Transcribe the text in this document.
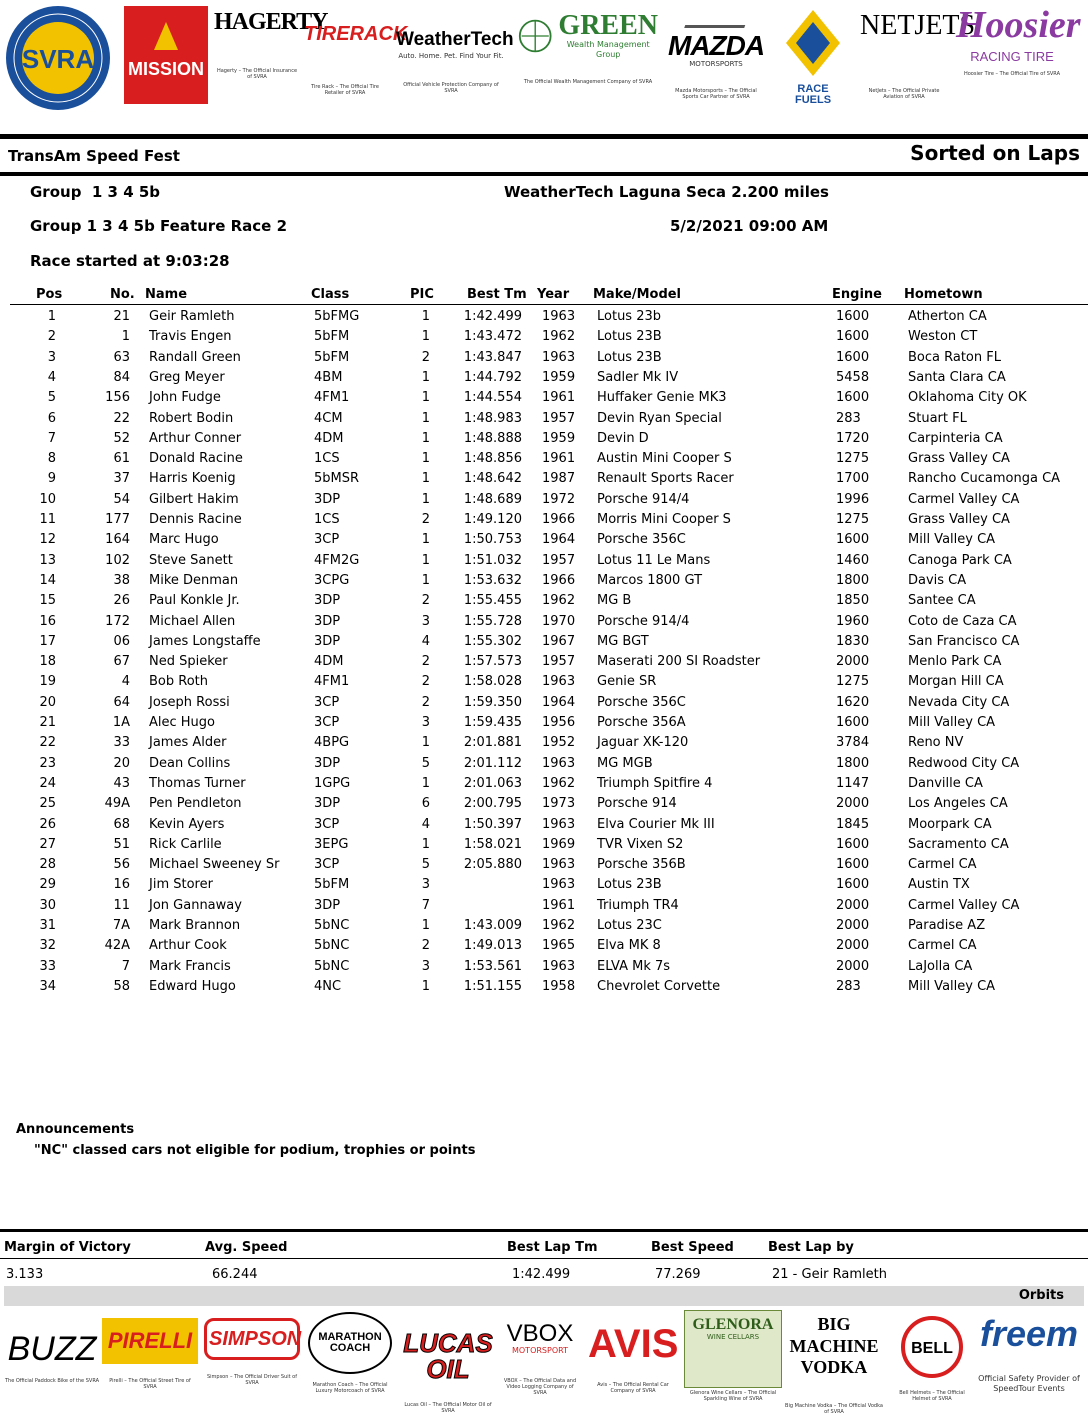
SVRA MISSION
HAGERTY
Hagerty – The Official Insurance of SVRA
TIRERACK
Tire Rack – The Official Tire Retailer of SVRA
WeatherTech
Auto. Home. Pet. Find Your Fit.
Official Vehicle Protection Company of SVRA
GREEN
Wealth Management Group
The Official Wealth Management Company of SVRA
MAZDA
MOTORSPORTS
Mazda Motorsports – The Official Sports Car Partner of SVRA
RACE FUELS
NETJETS
NetJets – The Official Private Aviation of SVRA
Hoosier
RACING TIRE
Hoosier Tire – The Official Tire of SVRA
TransAm Speed Fest	Sorted on Laps
Group  1 3 4 5b	WeatherTech Laguna Seca 2.200 miles
Group 1 3 4 5b Feature Race 2	5/2/2021 09:00 AM
Race started at 9:03:28
Pos	No. Name	Class	PIC	Best Tm Year Make/Model	Engine Hometown
1	21 Geir Ramleth	5bFMG	1	1:42.499 1963 Lotus 23b	1600	Atherton CA
2	1 Travis Engen	5bFM	1	1:43.472 1962 Lotus 23B	1600	Weston CT
3	63 Randall Green	5bFM	2	1:43.847 1963 Lotus 23B	1600	Boca Raton FL
4	84 Greg Meyer	4BM	1	1:44.792 1959 Sadler Mk IV	5458	Santa Clara CA
5	156 John Fudge	4FM1	1	1:44.554 1961 Huffaker Genie MK3	1600	Oklahoma City OK
6	22 Robert Bodin	4CM	1	1:48.983 1957 Devin Ryan Special	283	Stuart FL
7	52 Arthur Conner	4DM	1	1:48.888 1959 Devin D	1720	Carpinteria CA
8	61 Donald Racine	1CS	1	1:48.856 1961 Austin Mini Cooper S	1275	Grass Valley CA
9	37 Harris Koenig	5bMSR	1	1:48.642 1987 Renault Sports Racer	1700	Rancho Cucamonga CA
10	54 Gilbert Hakim	3DP	1	1:48.689 1972 Porsche 914/4	1996	Carmel Valley CA
11	177 Dennis Racine	1CS	2	1:49.120 1966 Morris Mini Cooper S	1275	Grass Valley CA
12	164 Marc Hugo	3CP	1	1:50.753 1964 Porsche 356C	1600	Mill Valley CA
13	102 Steve Sanett	4FM2G	1	1:51.032 1957 Lotus 11 Le Mans	1460	Canoga Park CA
14	38 Mike Denman	3CPG	1	1:53.632 1966 Marcos 1800 GT	1800	Davis CA
15	26 Paul Konkle Jr.	3DP	2	1:55.455 1962 MG B	1850	Santee CA
16	172 Michael Allen	3DP	3	1:55.728 1970 Porsche 914/4	1960	Coto de Caza CA
17	06 James Longstaffe	3DP	4	1:55.302 1967 MG BGT	1830	San Francisco CA
18	67 Ned Spieker	4DM	2	1:57.573 1957 Maserati 200 SI Roadster	2000	Menlo Park CA
19	4 Bob Roth	4FM1	2	1:58.028 1963 Genie SR	1275	Morgan Hill CA
20	64 Joseph Rossi	3CP	2	1:59.350 1964 Porsche 356C	1620	Nevada City CA
21	1A Alec Hugo	3CP	3	1:59.435 1956 Porsche 356A	1600	Mill Valley CA
22	33 James Alder	4BPG	1	2:01.881 1952 Jaguar XK-120	3784	Reno NV
23	20 Dean Collins	3DP	5	2:01.112 1963 MG MGB	1800	Redwood City CA
24	43 Thomas Turner	1GPG	1	2:01.063 1962 Triumph Spitfire 4	1147	Danville CA
25	49A Pen Pendleton	3DP	6	2:00.795 1973 Porsche 914	2000	Los Angeles CA
26	68 Kevin Ayers	3CP	4	1:50.397 1963 Elva Courier Mk III	1845	Moorpark CA
27	51 Rick Carlile	3EPG	1	1:58.021 1969 TVR Vixen S2	1600	Sacramento CA
28	56 Michael Sweeney Sr	3CP	5	2:05.880 1963 Porsche 356B	1600	Carmel CA
29	16 Jim Storer	5bFM	3	1963 Lotus 23B	1600	Austin TX
30	11 Jon Gannaway	3DP	7	1961 Triumph TR4	2000	Carmel Valley CA
31	7A Mark Brannon	5bNC	1	1:43.009 1962 Lotus 23C	2000	Paradise AZ
32	42A Arthur Cook	5bNC	2	1:49.013 1965 Elva MK 8	2000	Carmel CA
33	7 Mark Francis	5bNC	3	1:53.561 1963 ELVA Mk 7s	2000	LaJolla CA
34	58 Edward Hugo	4NC	1	1:51.155 1958 Chevrolet Corvette	283	Mill Valley CA
Announcements
"NC" classed cars not eligible for podium, trophies or points
Margin of Victory	Avg. Speed	Best Lap Tm	Best Speed	Best Lap by
3.133	66.244	1:42.499	77.269	21 - Geir Ramleth
Orbits
BUZZ
The Official Paddock Bike of the SVRA
PIRELLI
Pirelli – The Official Street Tire of SVRA
SIMPSON
Simpson – The Official Driver Suit of SVRA
MARATHON COACH
Marathon Coach – The Official Luxury Motorcoach of SVRA
LUCAS OIL
Lucas Oil – The Official Motor Oil of SVRA
VBOX
MOTORSPORT
VBOX – The Official Data and Video Logging Company of SVRA
AVIS
Avis – The Official Rental Car Company of SVRA
GLENORA
WINE CELLARS
Glenora Wine Cellars – The Official Sparkling Wine of SVRA
BIG MACHINE VODKA
Big Machine Vodka – The Official Vodka of SVRA
BELL
Bell Helmets – The Official Helmet of SVRA
freem
Official Safety Provider of SpeedTour Events
